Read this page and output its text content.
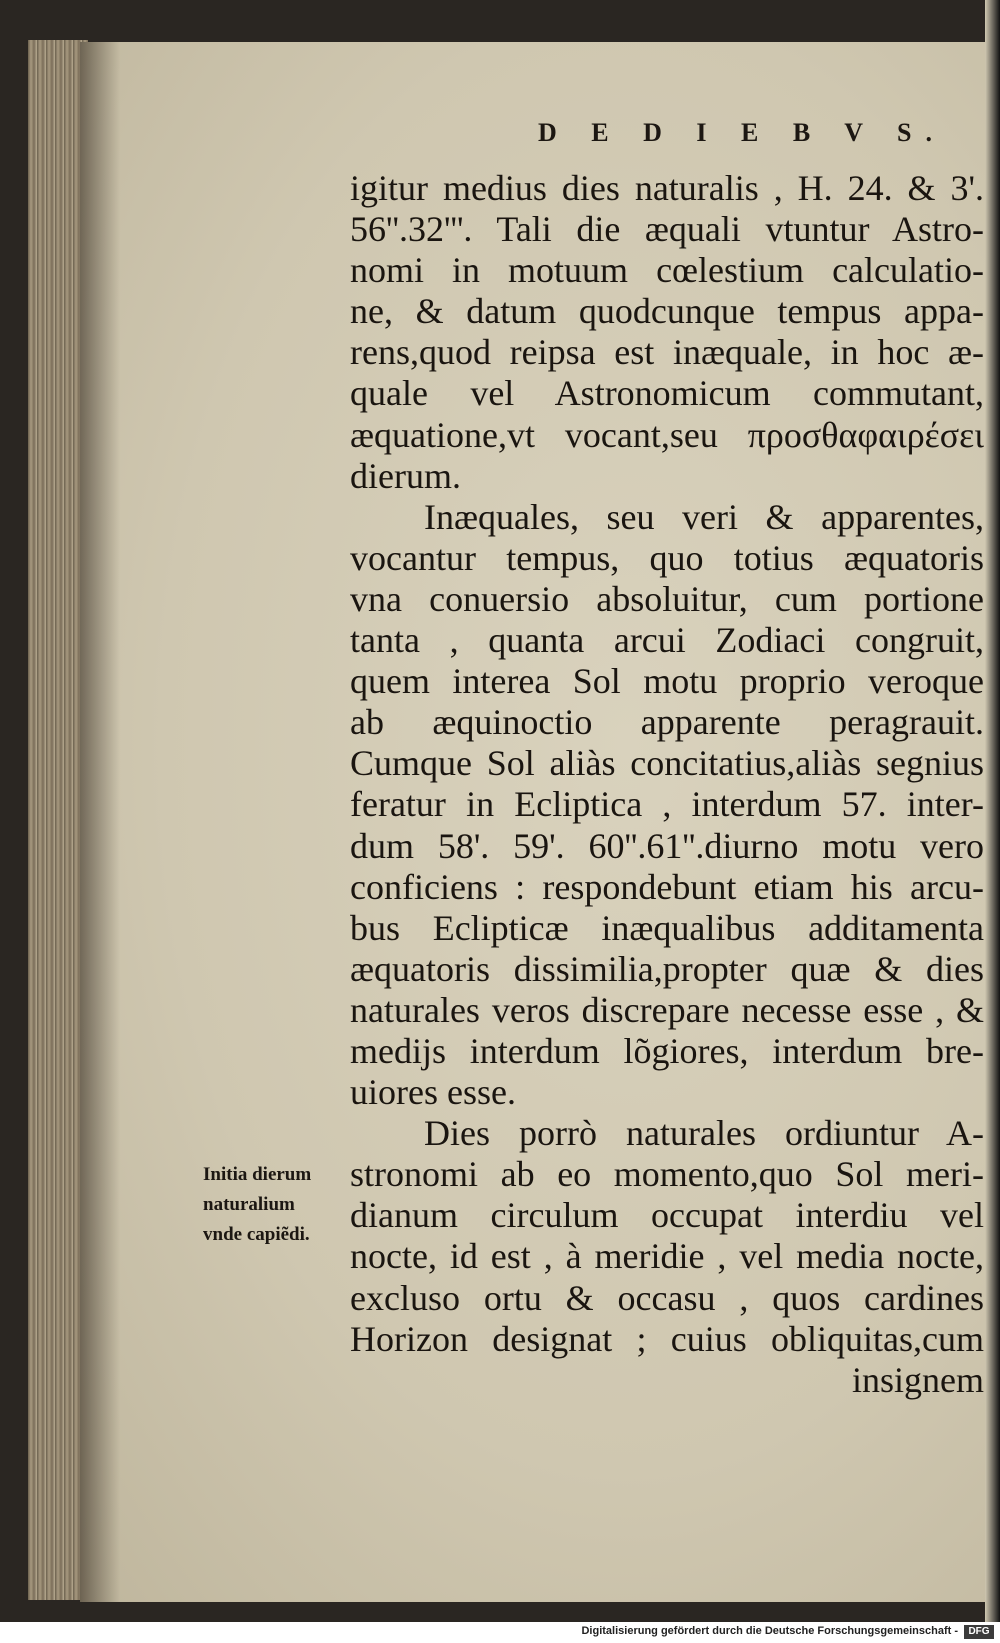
D E D I E B V S.
igitur medius dies naturalis , H. 24. & 3'.
56''.32'''. Tali die æquali vtuntur Astro-
nomi in motuum cœlestium calculatio-
ne, & datum quodcunque tempus appa-
rens,quod reipsa est inæquale, in hoc æ-
quale vel Astronomicum commutant,
æquatione,vt vocant,seu προσθαφαιρέσει
dierum.
Inæquales, seu veri & apparentes,
vocantur tempus, quo totius æquatoris
vna conuersio absoluitur, cum portione
tanta , quanta arcui Zodiaci congruit,
quem interea Sol motu proprio veroque
ab æquinoctio apparente peragrauit.
Cumque Sol aliàs concitatius,aliàs segnius
feratur in Ecliptica , interdum 57. inter-
dum 58'. 59'. 60''.61''.diurno motu vero
conficiens : respondebunt etiam his arcu-
bus Eclipticæ inæqualibus additamenta
æquatoris dissimilia,propter quæ & dies
naturales veros discrepare necesse esse , &
medijs interdum lõgiores, interdum bre-
uiores esse.
Dies porrò naturales ordiuntur A-
stronomi ab eo momento,quo Sol meri-
dianum circulum occupat interdiu vel
nocte, id est , à meridie , vel media nocte,
excluso ortu & occasu , quos cardines
Horizon designat ; cuius obliquitas,cum
insignem
Initia dierum
naturalium
vnde capiẽdi.
Digitalisierung gefördert durch die Deutsche Forschungsgemeinschaft -	DFG
